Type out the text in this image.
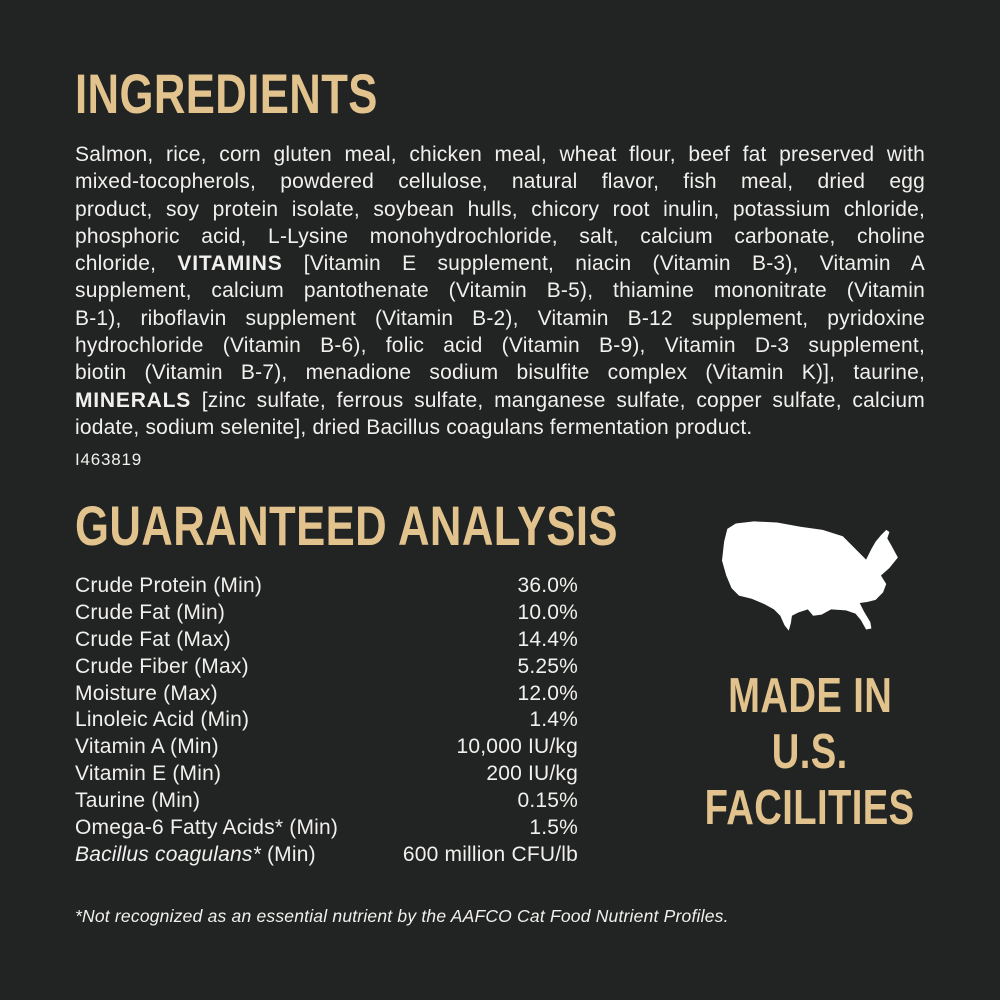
INGREDIENTS
Salmon, rice, corn gluten meal, chicken meal, wheat flour, beef fat preserved with
mixed-tocopherols, powdered cellulose, natural flavor, fish meal, dried egg
product, soy protein isolate, soybean hulls, chicory root inulin, potassium chloride,
phosphoric acid, L-Lysine monohydrochloride, salt, calcium carbonate, choline
chloride, VITAMINS [Vitamin E supplement, niacin (Vitamin B-3), Vitamin A
supplement, calcium pantothenate (Vitamin B-5), thiamine mononitrate (Vitamin
B-1), riboflavin supplement (Vitamin B-2), Vitamin B-12 supplement, pyridoxine
hydrochloride (Vitamin B-6), folic acid (Vitamin B-9), Vitamin D-3 supplement,
biotin (Vitamin B-7), menadione sodium bisulfite complex (Vitamin K)], taurine,
MINERALS [zinc sulfate, ferrous sulfate, manganese sulfate, copper sulfate, calcium
iodate, sodium selenite], dried Bacillus coagulans fermentation product.
I463819
GUARANTEED ANALYSIS
Crude Protein (Min)	36.0%
Crude Fat (Min)	10.0%
Crude Fat (Max)	14.4%
Crude Fiber (Max)	5.25%
Moisture (Max)	12.0%
Linoleic Acid (Min)	1.4%
Vitamin A (Min)	10,000 IU/kg
Vitamin E (Min)	200 IU/kg
Taurine (Min)	0.15%
Omega-6 Fatty Acids* (Min)	1.5%
Bacillus coagulans* (Min)	600 million CFU/lb
*Not recognized as an essential nutrient by the AAFCO Cat Food Nutrient Profiles.
MADE IN
U.S.
FACILITIES
